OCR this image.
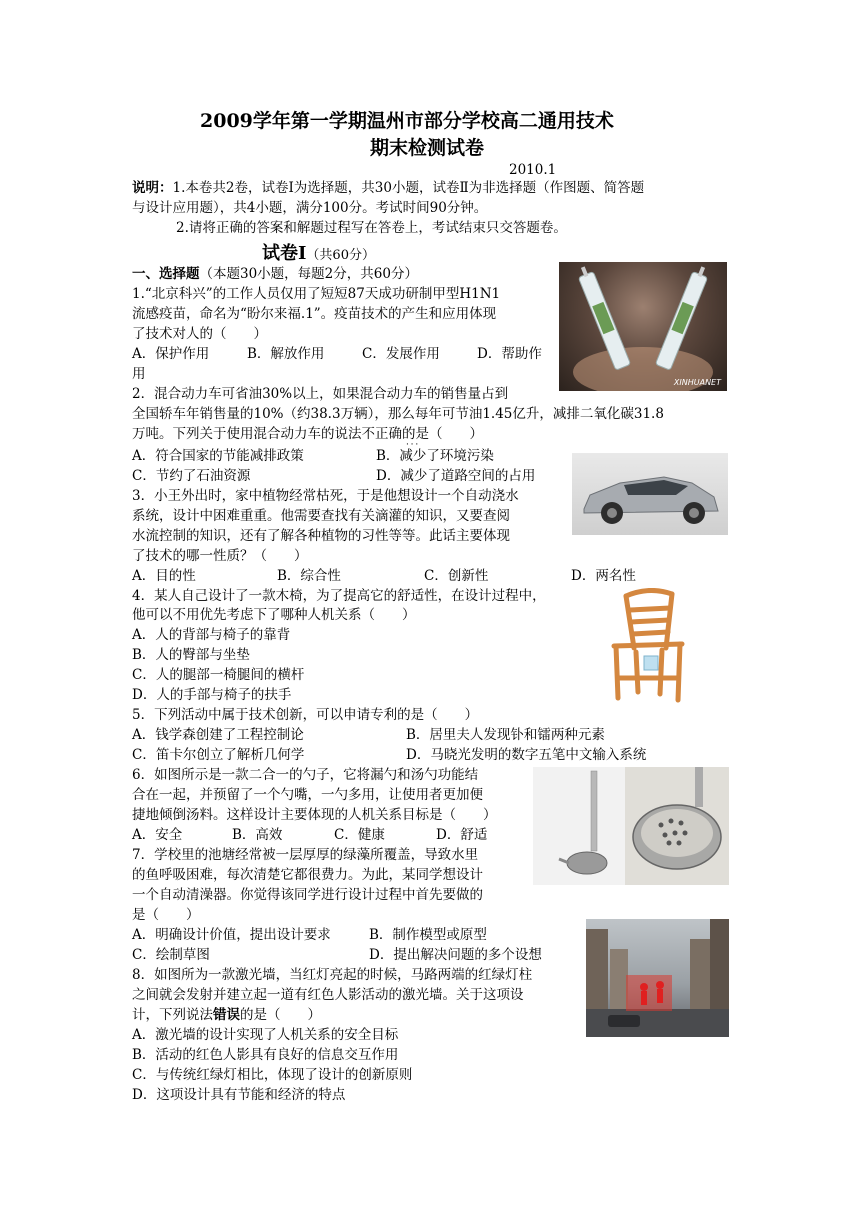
2009学年第一学期温州市部分学校高二通用技术
期末检测试卷
2010.1
说明：1.本卷共2卷，试卷Ⅰ为选择题，共30小题，试卷Ⅱ为非选择题（作图题、简答题
与设计应用题），共4小题，满分100分。考试时间90分钟。
2.请将正确的答案和解题过程写在答卷上，考试结束只交答题卷。
试卷Ⅰ（共60分）
一、选择题（本题30小题，每题2分，共60分）
1.“北京科兴”的工作人员仅用了短短87天成功研制甲型H1N1
流感疫苗，命名为“盼尔来福.1”。疫苗技术的产生和应用体现
了技术对人的（　　）
A．保护作用	B．解放作用	C．发展作用	D．帮助作
用
XINHUANET
2．混合动力车可省油30%以上，如果混合动力车的销售量占到
全国轿车年销售量的10%（约38.3万辆），那么每年可节油1.45亿升，减排二氧化碳31.8
万吨。下列关于使用混合动力车的说法不正确的是（　　）
· · ·
A．符合国家的节能减排政策	B．减少了环境污染
C．节约了石油资源	D．减少了道路空间的占用
3．小王外出时，家中植物经常枯死，于是他想设计一个自动浇水
系统，设计中困难重重。他需要查找有关滴灌的知识，又要查阅
水流控制的知识，还有了解各种植物的习性等等。此话主要体现
了技术的哪一性质？（　　）
A．目的性	B．综合性	C．创新性	D．两名性
4．某人自己设计了一款木椅，为了提高它的舒适性，在设计过程中，
他可以不用优先考虑下了哪种人机关系（　　）
A．人的背部与椅子的靠背
B．人的臀部与坐垫
C．人的腿部一椅腿间的横杆
D．人的手部与椅子的扶手
5．下列活动中属于技术创新，可以申请专利的是（　　）
A．钱学森创建了工程控制论	B．居里夫人发现钋和镭两种元素
C．笛卡尔创立了解析几何学	D．马晓光发明的数字五笔中文输入系统
6．如图所示是一款二合一的勺子，它将漏勺和汤勺功能结
合在一起，并预留了一个勺嘴，一勺多用，让使用者更加便
捷地倾倒汤料。这样设计主要体现的人机关系目标是（　　）
A．安全	B．高效	C．健康	D．舒适
7．学校里的池塘经常被一层厚厚的绿藻所覆盖，导致水里
的鱼呼吸困难，每次清楚它都很费力。为此，某同学想设计
一个自动清澡器。你觉得该同学进行设计过程中首先要做的
是（　　）
A．明确设计价值，提出设计要求	B．制作模型或原型
C．绘制草图	D．提出解决问题的多个设想
8．如图所为一款激光墙，当红灯亮起的时候，马路两端的红绿灯柱
之间就会发射并建立起一道有红色人影活动的激光墙。关于这项设
计，下列说法错误的是（　　）
A．激光墙的设计实现了人机关系的安全目标
B．活动的红色人影具有良好的信息交互作用
C．与传统红绿灯相比，体现了设计的创新原则
D．这项设计具有节能和经济的特点
